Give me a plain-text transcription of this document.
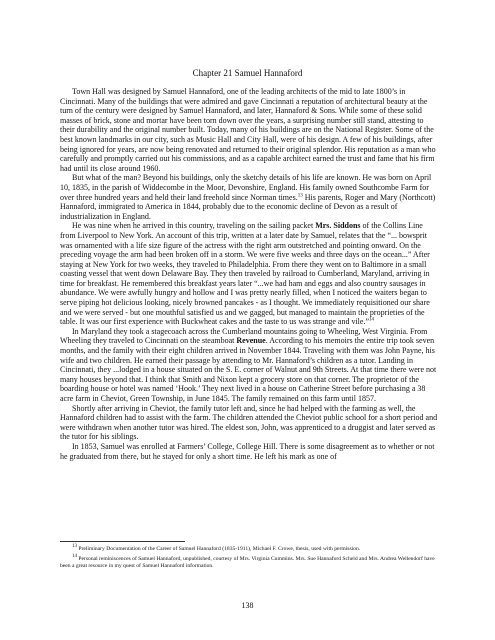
Chapter 21 Samuel Hannaford

Town Hall was designed by Samuel Hannaford, one of the leading architects of the mid to late 1800’s in Cincinnati. Many of the buildings that were admired and gave Cincinnati a reputation of architectural beauty at the turn of the century were designed by Samuel Hannaford, and later, Hannaford & Sons. While some of these solid masses of brick, stone and mortar have been torn down over the years, a surprising number still stand, attesting to their durability and the original number built. Today, many of his buildings are on the National Register. Some of the best known landmarks in our city, such as Music Hall and City Hall, were of his design. A few of his buildings, after being ignored for years, are now being renovated and returned to their original splendor. His reputation as a man who carefully and promptly carried out his commissions, and as a capable architect earned the trust and fame that his firm had until its close around 1960.

But what of the man? Beyond his buildings, only the sketchy details of his life are known. He was born on April 10, 1835, in the parish of Widdecombe in the Moor, Devonshire, England. His family owned Southcombe Farm for over three hundred years and held their land freehold since Norman times.$^{13}$ His parents, Roger and Mary (Northcott) Hannaford, immigrated to America in 1844, probably due to the economic decline of Devon as a result of industrialization in England.

He was nine when he arrived in this country, traveling on the sailing packet Mrs. Siddons of the Collins Line from Liverpool to New York. An account of this trip, written at a later date by Samuel, relates that the “... bowsprit was ornamented with a life size figure of the actress with the right arm outstretched and pointing onward. On the preceding voyage the arm had been broken off in a storm. We were five weeks and three days on the ocean...” After staying at New York for two weeks, they traveled to Philadelphia. From there they went on to Baltimore in a small coasting vessel that went down Delaware Bay. They then traveled by railroad to Cumberland, Maryland, arriving in time for breakfast. He remembered this breakfast years later “...we had ham and eggs and also country sausages in abundance. We were awfully hungry and hollow and I was pretty nearly filled, when I noticed the waiters began to serve piping hot delicious looking, nicely browned pancakes - as I thought. We immediately requisitioned our share and we were served - but one mouthful satisfied us and we gagged, but managed to maintain the proprieties of the table. It was our first experience with Buckwheat cakes and the taste to us was strange and vile.”$^{14}$

In Maryland they took a stagecoach across the Cumberland mountains going to Wheeling, West Virginia. From Wheeling they traveled to Cincinnati on the steamboat Revenue. According to his memoirs the entire trip took seven months, and the family with their eight children arrived in November 1844. Traveling with them was John Payne, his wife and two children. He earned their passage by attending to Mr. Hannaford’s children as a tutor. Landing in Cincinnati, they ...lodged in a house situated on the S. E. corner of Walnut and 9th Streets. At that time there were not many houses beyond that. I think that Smith and Nixon kept a grocery store on that corner. The proprietor of the boarding house or hotel was named ‘Hook.’ They next lived in a house on Catherine Street before purchasing a 38 acre farm in Cheviot, Green Township, in June 1845. The family remained on this farm until 1857.

Shortly after arriving in Cheviot, the family tutor left and, since he had helped with the farming as well, the Hannaford children had to assist with the farm. The children attended the Cheviot public school for a short period and were withdrawn when another tutor was hired. The eldest son, John, was apprenticed to a druggist and later served as the tutor for his siblings.

In 1853, Samuel was enrolled at Farmers’ College, College Hill. There is some disagreement as to whether or not he graduated from there, but he stayed for only a short time. He left his mark as one of

13 Preliminary Documentation of the Career of Samuel Hannaford (1835-1911), Michael F. Crowe, thesis, used with permission.

14 Personal reminiscences of Samuel Hannaford, unpublished, courtesy of Mrs. Virginia Cummins. Mrs. Sue Hannaford Scheld and Mrs. Andrea Wellendorf have been a great resource in my quest of Samuel Hannaford information.

138
